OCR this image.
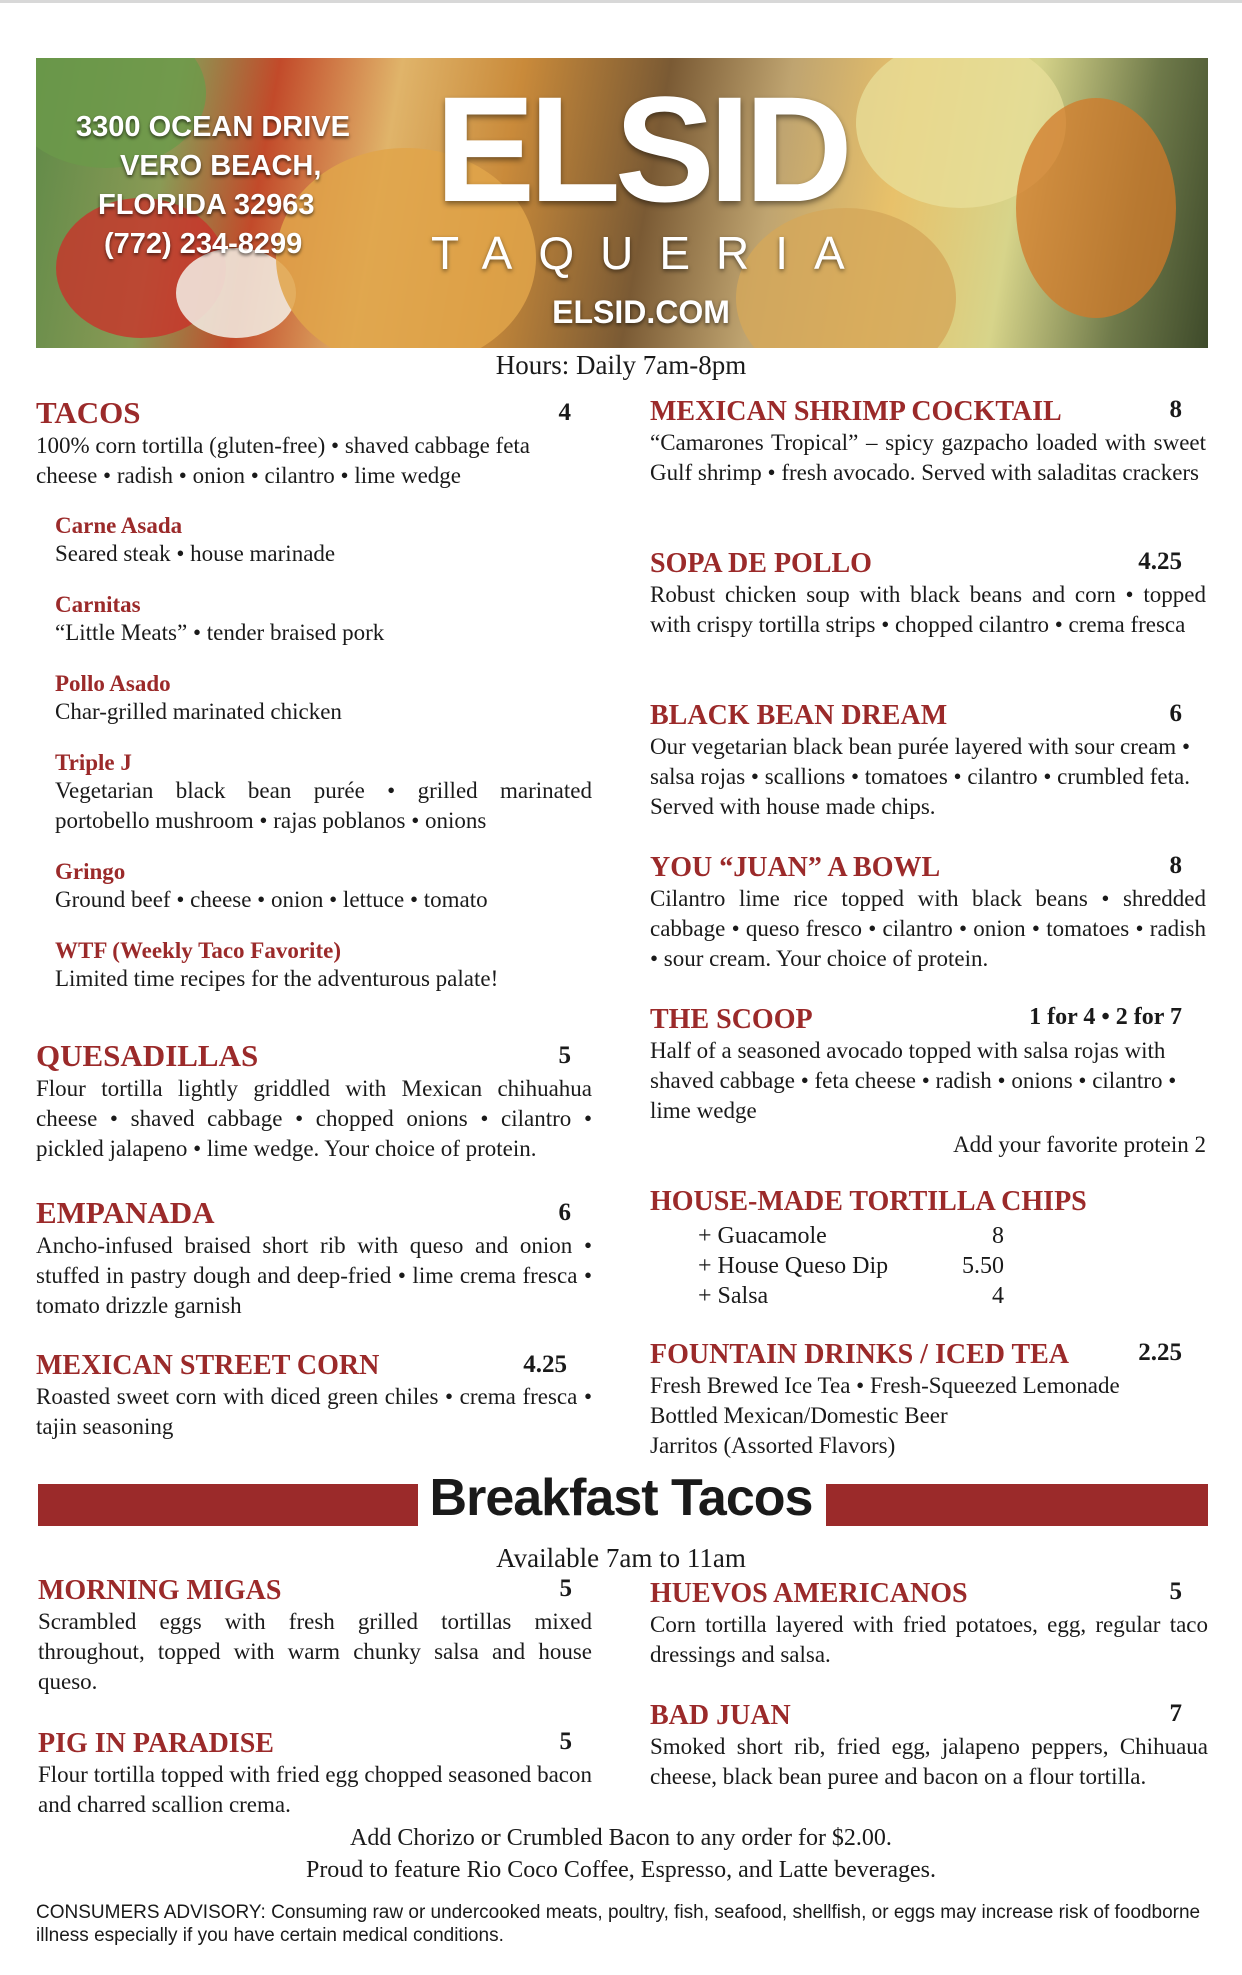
3300 OCEAN DRIVE
VERO BEACH,
FLORIDA 32963
(772) 234-8299
ELSID
TAQUERIA
ELSID.COM
Hours: Daily 7am-8pm
TACOS	4
100% corn tortilla (gluten-free) • shaved cabbage feta cheese • radish • onion • cilantro • lime wedge
Carne Asada
Seared steak • house marinade
Carnitas
“Little Meats” • tender braised pork
Pollo Asado
Char-grilled marinated chicken
Triple J
Vegetarian black bean purée • grilled marinated portobello mushroom • rajas poblanos • onions
Gringo
Ground beef • cheese • onion • lettuce • tomato
WTF (Weekly Taco Favorite)
Limited time recipes for the adventurous palate!
QUESADILLAS	5
Flour tortilla lightly griddled with Mexican chihuahua cheese • shaved cabbage • chopped onions • cilantro • pickled jalapeno • lime wedge. Your choice of protein.
EMPANADA	6
Ancho-infused braised short rib with queso and onion • stuffed in pastry dough and deep-fried • lime crema fresca • tomato drizzle garnish
MEXICAN STREET CORN	4.25
Roasted sweet corn with diced green chiles • crema fresca • tajin seasoning
MEXICAN SHRIMP COCKTAIL	8
“Camarones Tropical” – spicy gazpacho loaded with sweet Gulf shrimp • fresh avocado. Served with saladitas crackers
SOPA DE POLLO	4.25
Robust chicken soup with black beans and corn • topped with crispy tortilla strips • chopped cilantro • crema fresca
BLACK BEAN DREAM	6
Our vegetarian black bean purée layered with sour cream • salsa rojas • scallions • tomatoes • cilantro • crumbled feta. Served with house made chips.
YOU “JUAN” A BOWL	8
Cilantro lime rice topped with black beans • shredded cabbage • queso fresco • cilantro • onion • tomatoes • radish • sour cream. Your choice of protein.
THE SCOOP	1 for 4 • 2 for 7
Half of a seasoned avocado topped with salsa rojas with shaved cabbage • feta cheese • radish • onions • cilantro • lime wedge
Add your favorite protein 2
HOUSE-MADE TORTILLA CHIPS
+ Guacamole	8

+ House Queso Dip	5.50

+ Salsa	4

FOUNTAIN DRINKS / ICED TEA	2.25
Fresh Brewed Ice Tea • Fresh-Squeezed Lemonade
Bottled Mexican/Domestic Beer
Jarritos (Assorted Flavors)
Breakfast Tacos
Available 7am to 11am
MORNING MIGAS	5
Scrambled eggs with fresh grilled tortillas mixed throughout, topped with warm chunky salsa and house queso.
PIG IN PARADISE	5
Flour tortilla topped with fried egg chopped seasoned bacon and charred scallion crema.
HUEVOS AMERICANOS	5
Corn tortilla layered with fried potatoes, egg, regular taco dressings and salsa.
BAD JUAN	7
Smoked short rib, fried egg, jalapeno peppers, Chihuaua cheese, black bean puree and bacon on a flour tortilla.
Add Chorizo or Crumbled Bacon to any order for $2.00.
Proud to feature Rio Coco Coffee, Espresso, and Latte beverages.
CONSUMERS ADVISORY: Consuming raw or undercooked meats, poultry, fish, seafood, shellfish, or eggs may increase risk of foodborne illness especially if you have certain medical conditions.
